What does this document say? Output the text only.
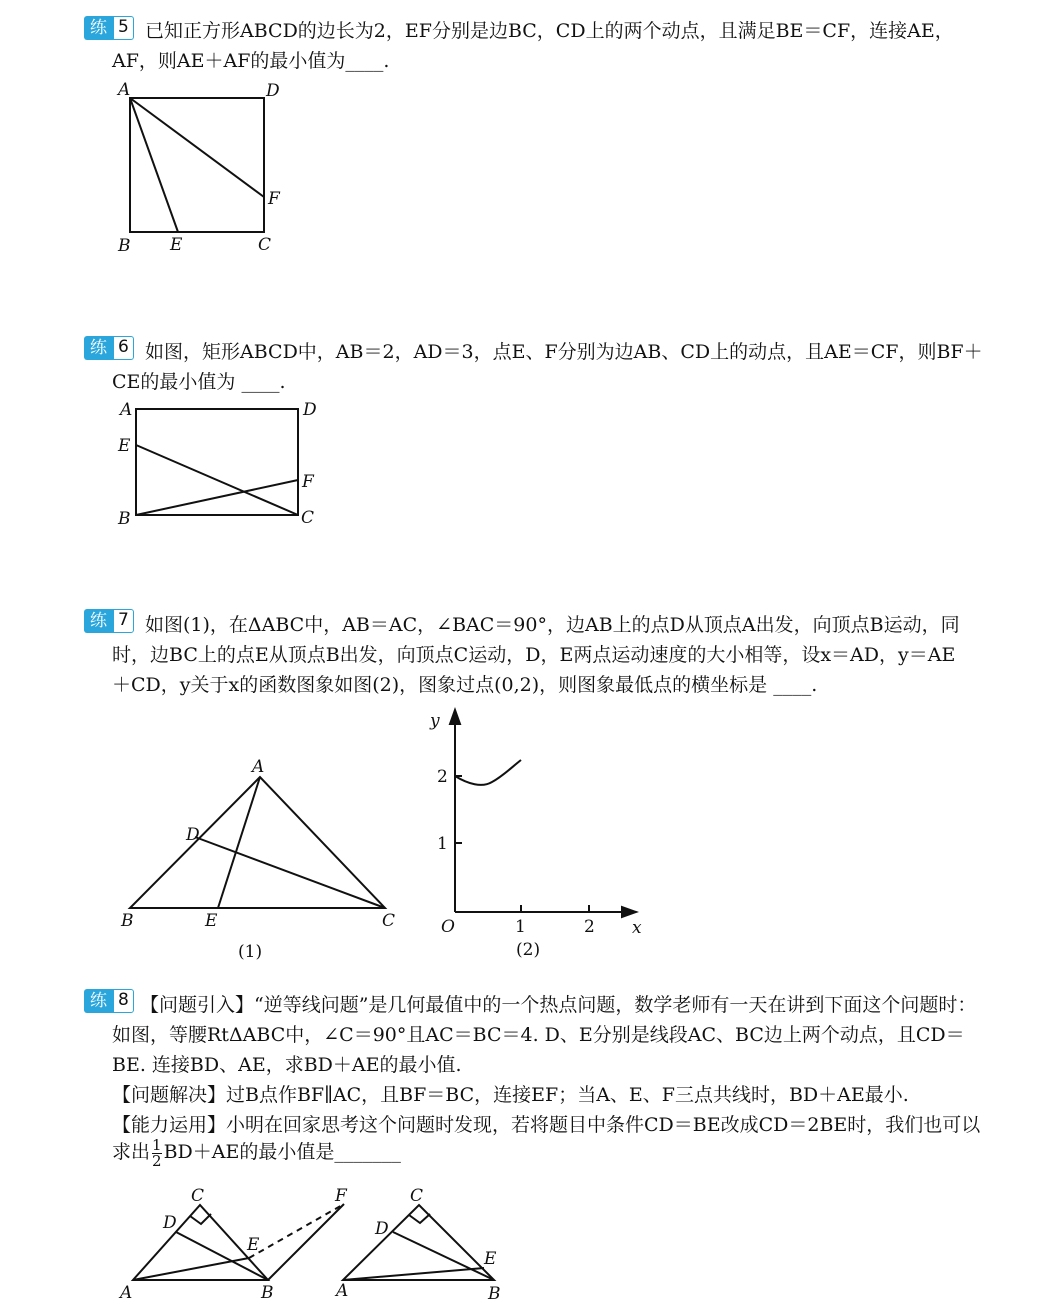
练 5 已知正方形ABCD的边长为2，EF分别是边BC，CD上的两个动点，且满足BE＝CF，连接AE，
AF，则AE＋AF的最小值为____.
A	D
F
B E	C
练 6 如图，矩形ABCD中，AB＝2，AD＝3，点E、F分别为边AB、CD上的动点，且AE＝CF，则BF＋
CE的最小值为 ____.
A	D
E
F
B	C
练 7 如图(1)，在ΔABC中，AB＝AC，∠BAC＝90°，边AB上的点D从顶点A出发，向顶点B运动，同
时，边BC上的点E从顶点B出发，向顶点C运动，D，E两点运动速度的大小相等，设x＝AD，y＝AE
＋CD，y关于x的函数图象如图(2)，图象过点(0,2)，则图象最低点的横坐标是 ____.
A
D
B	E	C
(1)
y
x
O
2
1
1	2
(2)
练 8 【问题引入】“逆等线问题”是几何最值中的一个热点问题，数学老师有一天在讲到下面这个问题时：
如图，等腰RtΔABC中，∠C＝90°且AC＝BC＝4. D、E分别是线段AC、BC边上两个动点，且CD＝
BE. 连接BD、AE，求BD＋AE的最小值.
【问题解决】过B点作BF∥AC，且BF＝BC，连接EF；当A、E、F三点共线时，BD＋AE最小.
【能力运用】小明在回家思考这个问题时发现，若将题目中条件CD＝BE改成CD＝2BE时，我们也可以
求出 $\frac{1}{2} BD+AE$的最小值是_______
C	F
D
E
A	B
C
D
E
A	B
